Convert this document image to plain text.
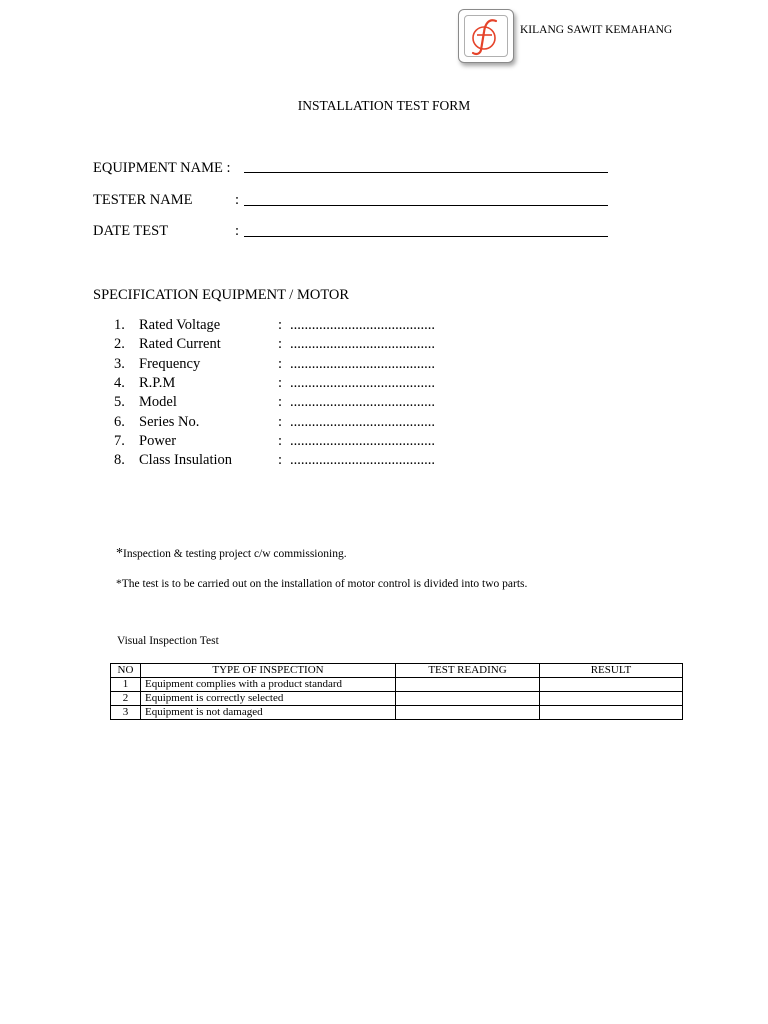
KILANG SAWIT KEMAHANG
INSTALLATION TEST FORM
EQUIPMENT NAME :
TESTER NAME	:
DATE TEST	:
SPECIFICATION EQUIPMENT / MOTOR
1. Rated Voltage	: ........................................
2. Rated Current	: ........................................
3. Frequency	: ........................................
4. R.P.M	: ........................................
5. Model	: ........................................
6. Series No.	: ........................................
7. Power	: ........................................
8. Class Insulation	: ........................................
*Inspection & testing project c/w commissioning.
*The test is to be carried out on the installation of motor control is divided into two parts.
Visual Inspection Test
NO	TYPE OF INSPECTION	TEST READING	RESULT
1	Equipment complies with a product standard		
2	Equipment is correctly selected		
3	Equipment is not damaged		
